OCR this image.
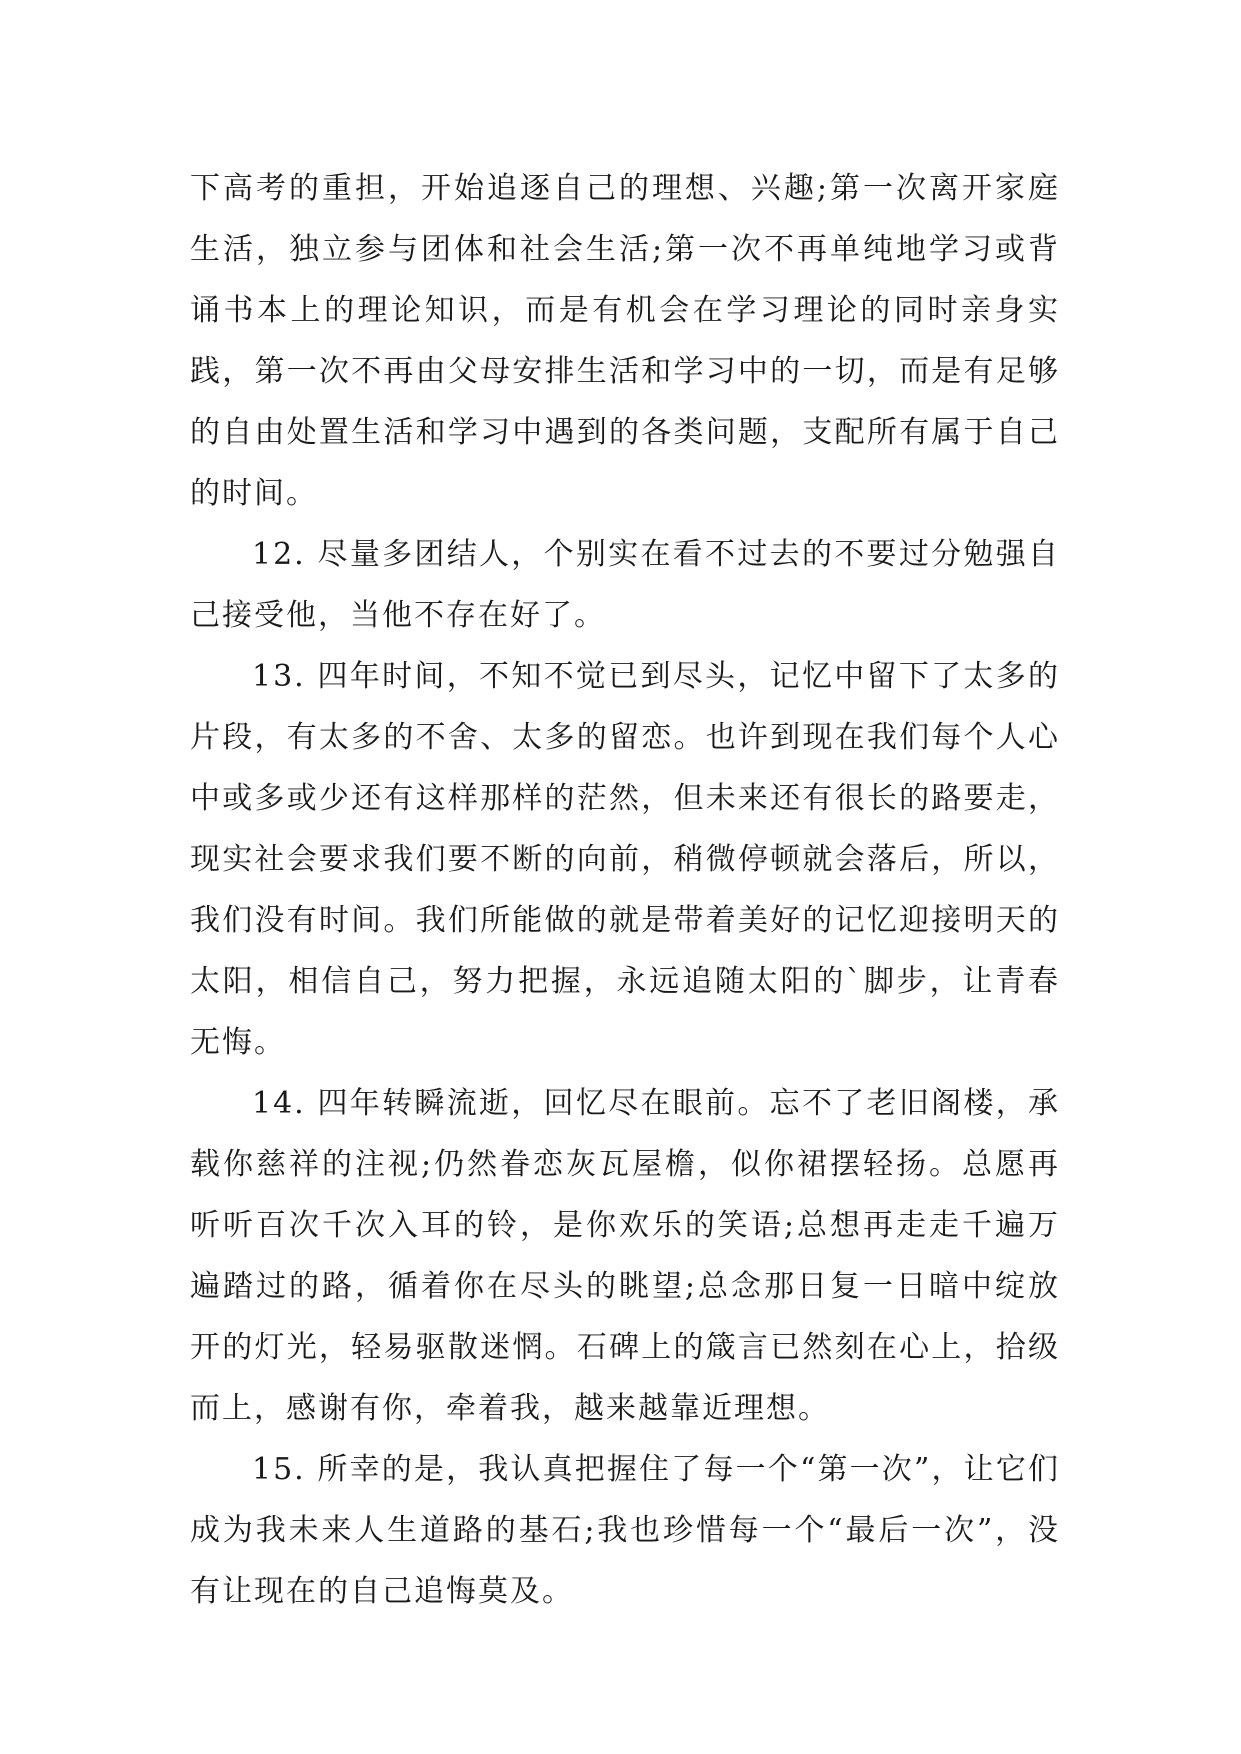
下高考的重担，开始追逐自己的理想、兴趣;第一次离开家庭生活，独立参与团体和社会生活;第一次不再单纯地学习或背诵书本上的理论知识，而是有机会在学习理论的同时亲身实践，第一次不再由父母安排生活和学习中的一切，而是有足够的自由处置生活和学习中遇到的各类问题，支配所有属于自己的时间。

12. 尽量多团结人，个别实在看不过去的不要过分勉强自己接受他，当他不存在好了。

13. 四年时间，不知不觉已到尽头，记忆中留下了太多的片段，有太多的不舍、太多的留恋。也许到现在我们每个人心中或多或少还有这样那样的茫然，但未来还有很长的路要走，现实社会要求我们要不断的向前，稍微停顿就会落后，所以，我们没有时间。我们所能做的就是带着美好的记忆迎接明天的太阳，相信自己，努力把握，永远追随太阳的`脚步，让青春无悔。

14. 四年转瞬流逝，回忆尽在眼前。忘不了老旧阁楼，承载你慈祥的注视;仍然眷恋灰瓦屋檐，似你裙摆轻扬。总愿再听听百次千次入耳的铃，是你欢乐的笑语;总想再走走千遍万遍踏过的路，循着你在尽头的眺望;总念那日复一日暗中绽放开的灯光，轻易驱散迷惘。石碑上的箴言已然刻在心上，拾级而上，感谢有你，牵着我，越来越靠近理想。

15. 所幸的是，我认真把握住了每一个“第一次”，让它们成为我未来人生道路的基石;我也珍惜每一个“最后一次”，没有让现在的自己追悔莫及。
